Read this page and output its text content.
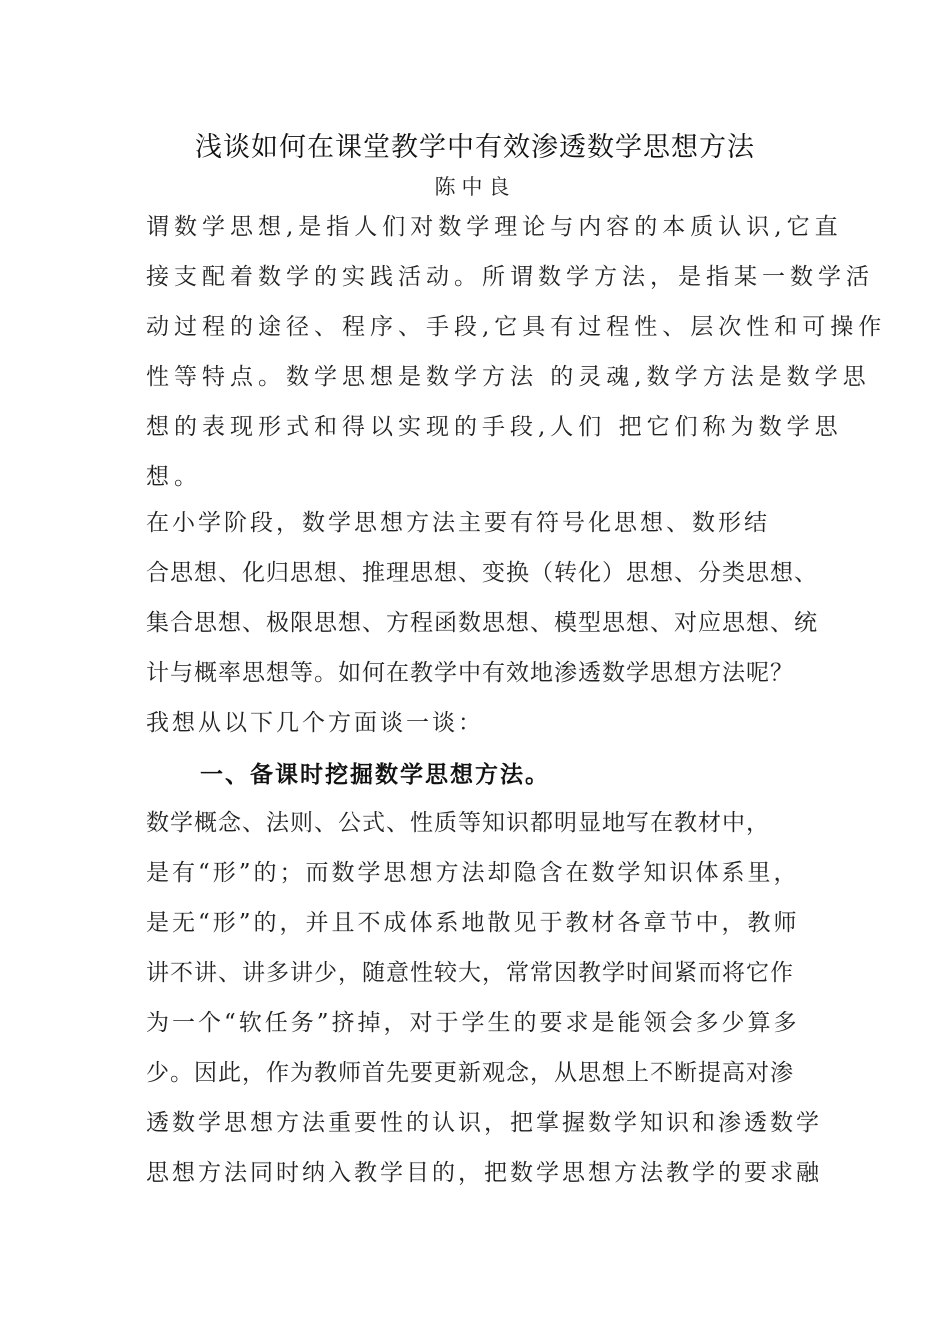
浅谈如何在课堂教学中有效渗透数学思想方法
陈中良
谓数学思想,是指人们对数学理论与内容的本质认识,它直
接支配着数学的实践活动。所谓数学方法，是指某一数学活
动过程的途径、程序、手段,它具有过程性、层次性和可操作
性等特点。数学思想是数学方法 的灵魂,数学方法是数学思
想的表现形式和得以实现的手段,人们 把它们称为数学思
想。
在小学阶段，数学思想方法主要有符号化思想、数形结
合思想、化归思想、推理思想、变换（转化）思想、分类思想、
集合思想、极限思想、方程函数思想、模型思想、对应思想、统
计与概率思想等。如何在教学中有效地渗透数学思想方法呢？
我想从以下几个方面谈一谈：
一、备课时挖掘数学思想方法。
数学概念、法则、公式、性质等知识都明显地写在教材中，
是有“形”的；而数学思想方法却隐含在数学知识体系里，
是无“形”的，并且不成体系地散见于教材各章节中，教师
讲不讲、讲多讲少，随意性较大，常常因教学时间紧而将它作
为一个“软任务”挤掉，对于学生的要求是能领会多少算多
少。因此，作为教师首先要更新观念，从思想上不断提高对渗
透数学思想方法重要性的认识，把掌握数学知识和渗透数学
思想方法同时纳入教学目的，把数学思想方法教学的要求融
